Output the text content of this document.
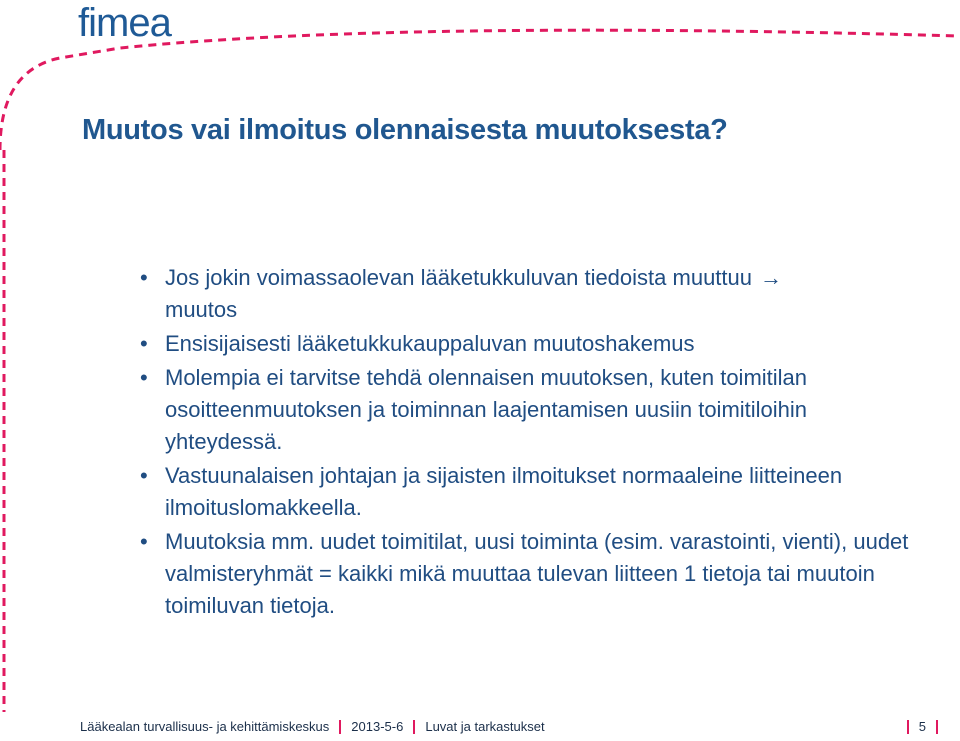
fimea
Muutos vai ilmoitus olennaisesta muutoksesta?
• Jos jokin voimassaolevan lääketukkuluvan tiedoista muuttuu →
muutos
• Ensisijaisesti lääketukkukauppaluvan muutoshakemus
• Molempia ei tarvitse tehdä olennaisen muutoksen, kuten toimitilan osoitteenmuutoksen ja toiminnan laajentamisen uusiin toimitiloihin yhteydessä.
• Vastuunalaisen johtajan ja sijaisten ilmoitukset normaaleine liitteineen ilmoituslomakkeella.
• Muutoksia mm. uudet toimitilat, uusi toiminta (esim. varastointi, vienti), uudet valmisteryhmät = kaikki mikä muuttaa tulevan liitteen 1 tietoja tai muutoin toimiluvan tietoja.
Lääkealan turvallisuus- ja kehittämiskeskus 2013-5-6 Luvat ja tarkastukset	5
